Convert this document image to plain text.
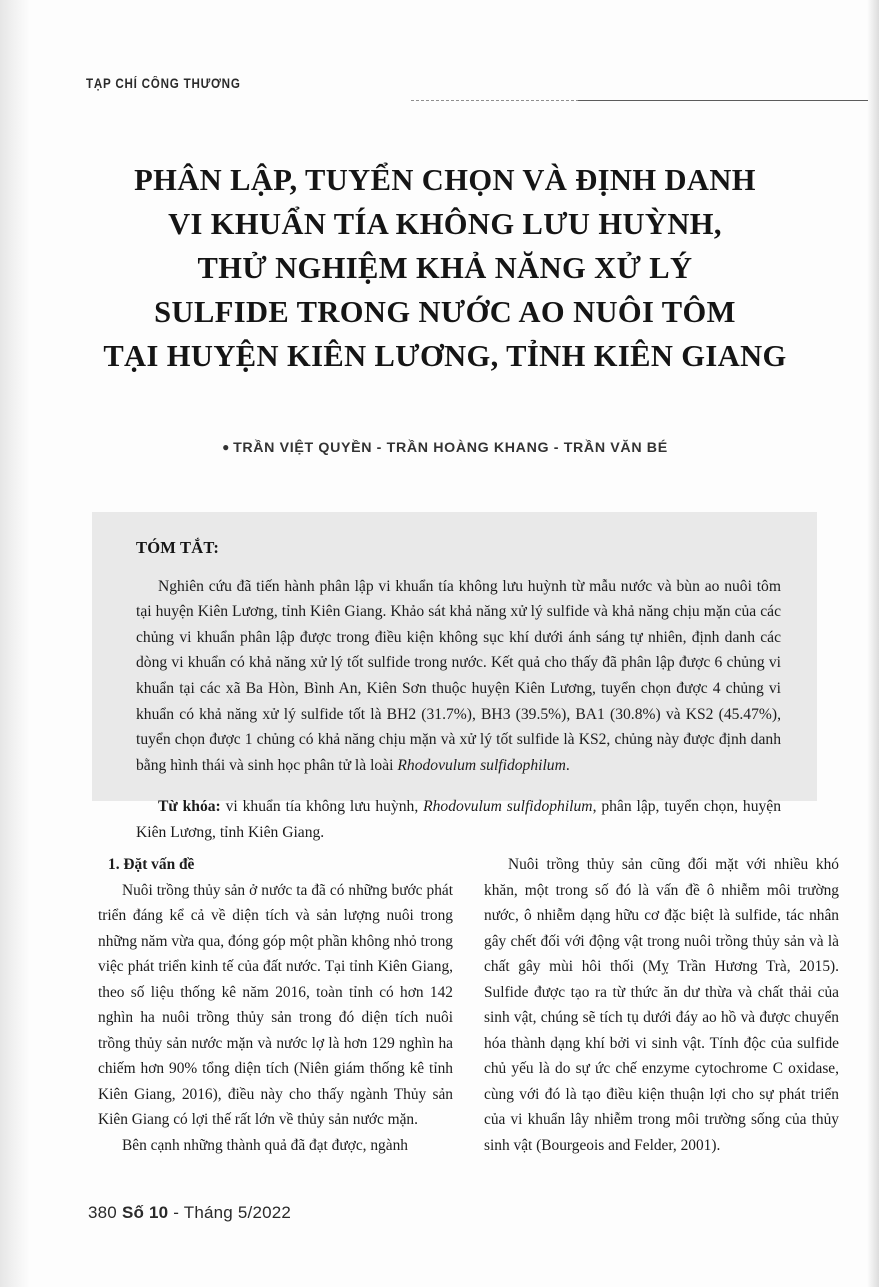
TẠP CHÍ CÔNG THƯƠNG
PHÂN LẬP, TUYỂN CHỌN VÀ ĐỊNH DANH
VI KHUẨN TÍA KHÔNG LƯU HUỲNH,
THỬ NGHIỆM KHẢ NĂNG XỬ LÝ
SULFIDE TRONG NƯỚC AO NUÔI TÔM
TẠI HUYỆN KIÊN LƯƠNG, TỈNH KIÊN GIANG
● TRẦN VIỆT QUYỀN - TRẦN HOÀNG KHANG - TRẦN VĂN BÉ
TÓM TẮT:

Nghiên cứu đã tiến hành phân lập vi khuẩn tía không lưu huỳnh từ mẫu nước và bùn ao nuôi tôm tại huyện Kiên Lương, tỉnh Kiên Giang. Khảo sát khả năng xử lý sulfide và khả năng chịu mặn của các chủng vi khuẩn phân lập được trong điều kiện không sục khí dưới ánh sáng tự nhiên, định danh các dòng vi khuẩn có khả năng xử lý tốt sulfide trong nước. Kết quả cho thấy đã phân lập được 6 chủng vi khuẩn tại các xã Ba Hòn, Bình An, Kiên Sơn thuộc huyện Kiên Lương, tuyển chọn được 4 chủng vi khuẩn có khả năng xử lý sulfide tốt là BH2 (31.7%), BH3 (39.5%), BA1 (30.8%) và KS2 (45.47%), tuyển chọn được 1 chủng có khả năng chịu mặn và xử lý tốt sulfide là KS2, chủng này được định danh bằng hình thái và sinh học phân tử là loài Rhodovulum sulfidophilum.

Từ khóa: vi khuẩn tía không lưu huỳnh, Rhodovulum sulfidophilum, phân lập, tuyển chọn, huyện Kiên Lương, tỉnh Kiên Giang.

1. Đặt vấn đề

Nuôi trồng thủy sản ở nước ta đã có những bước phát triển đáng kể cả về diện tích và sản lượng nuôi trong những năm vừa qua, đóng góp một phần không nhỏ trong việc phát triển kinh tế của đất nước. Tại tỉnh Kiên Giang, theo số liệu thống kê năm 2016, toàn tỉnh có hơn 142 nghìn ha nuôi trồng thủy sản trong đó diện tích nuôi trồng thủy sản nước mặn và nước lợ là hơn 129 nghìn ha chiếm hơn 90% tổng diện tích (Niên giám thống kê tỉnh Kiên Giang, 2016), điều này cho thấy ngành Thủy sản Kiên Giang có lợi thế rất lớn về thủy sản nước mặn.

Bên cạnh những thành quả đã đạt được, ngành

Nuôi trồng thủy sản cũng đối mặt với nhiều khó khăn, một trong số đó là vấn đề ô nhiễm môi trường nước, ô nhiễm dạng hữu cơ đặc biệt là sulfide, tác nhân gây chết đối với động vật trong nuôi trồng thủy sản và là chất gây mùi hôi thối (Mỵ Trần Hương Trà, 2015). Sulfide được tạo ra từ thức ăn dư thừa và chất thải của sinh vật, chúng sẽ tích tụ dưới đáy ao hồ và được chuyển hóa thành dạng khí bởi vi sinh vật. Tính độc của sulfide chủ yếu là do sự ức chế enzyme cytochrome C oxidase, cùng với đó là tạo điều kiện thuận lợi cho sự phát triển của vi khuẩn lây nhiễm trong môi trường sống của thủy sinh vật (Bourgeois and Felder, 2001).

380 Số 10 - Tháng 5/2022
